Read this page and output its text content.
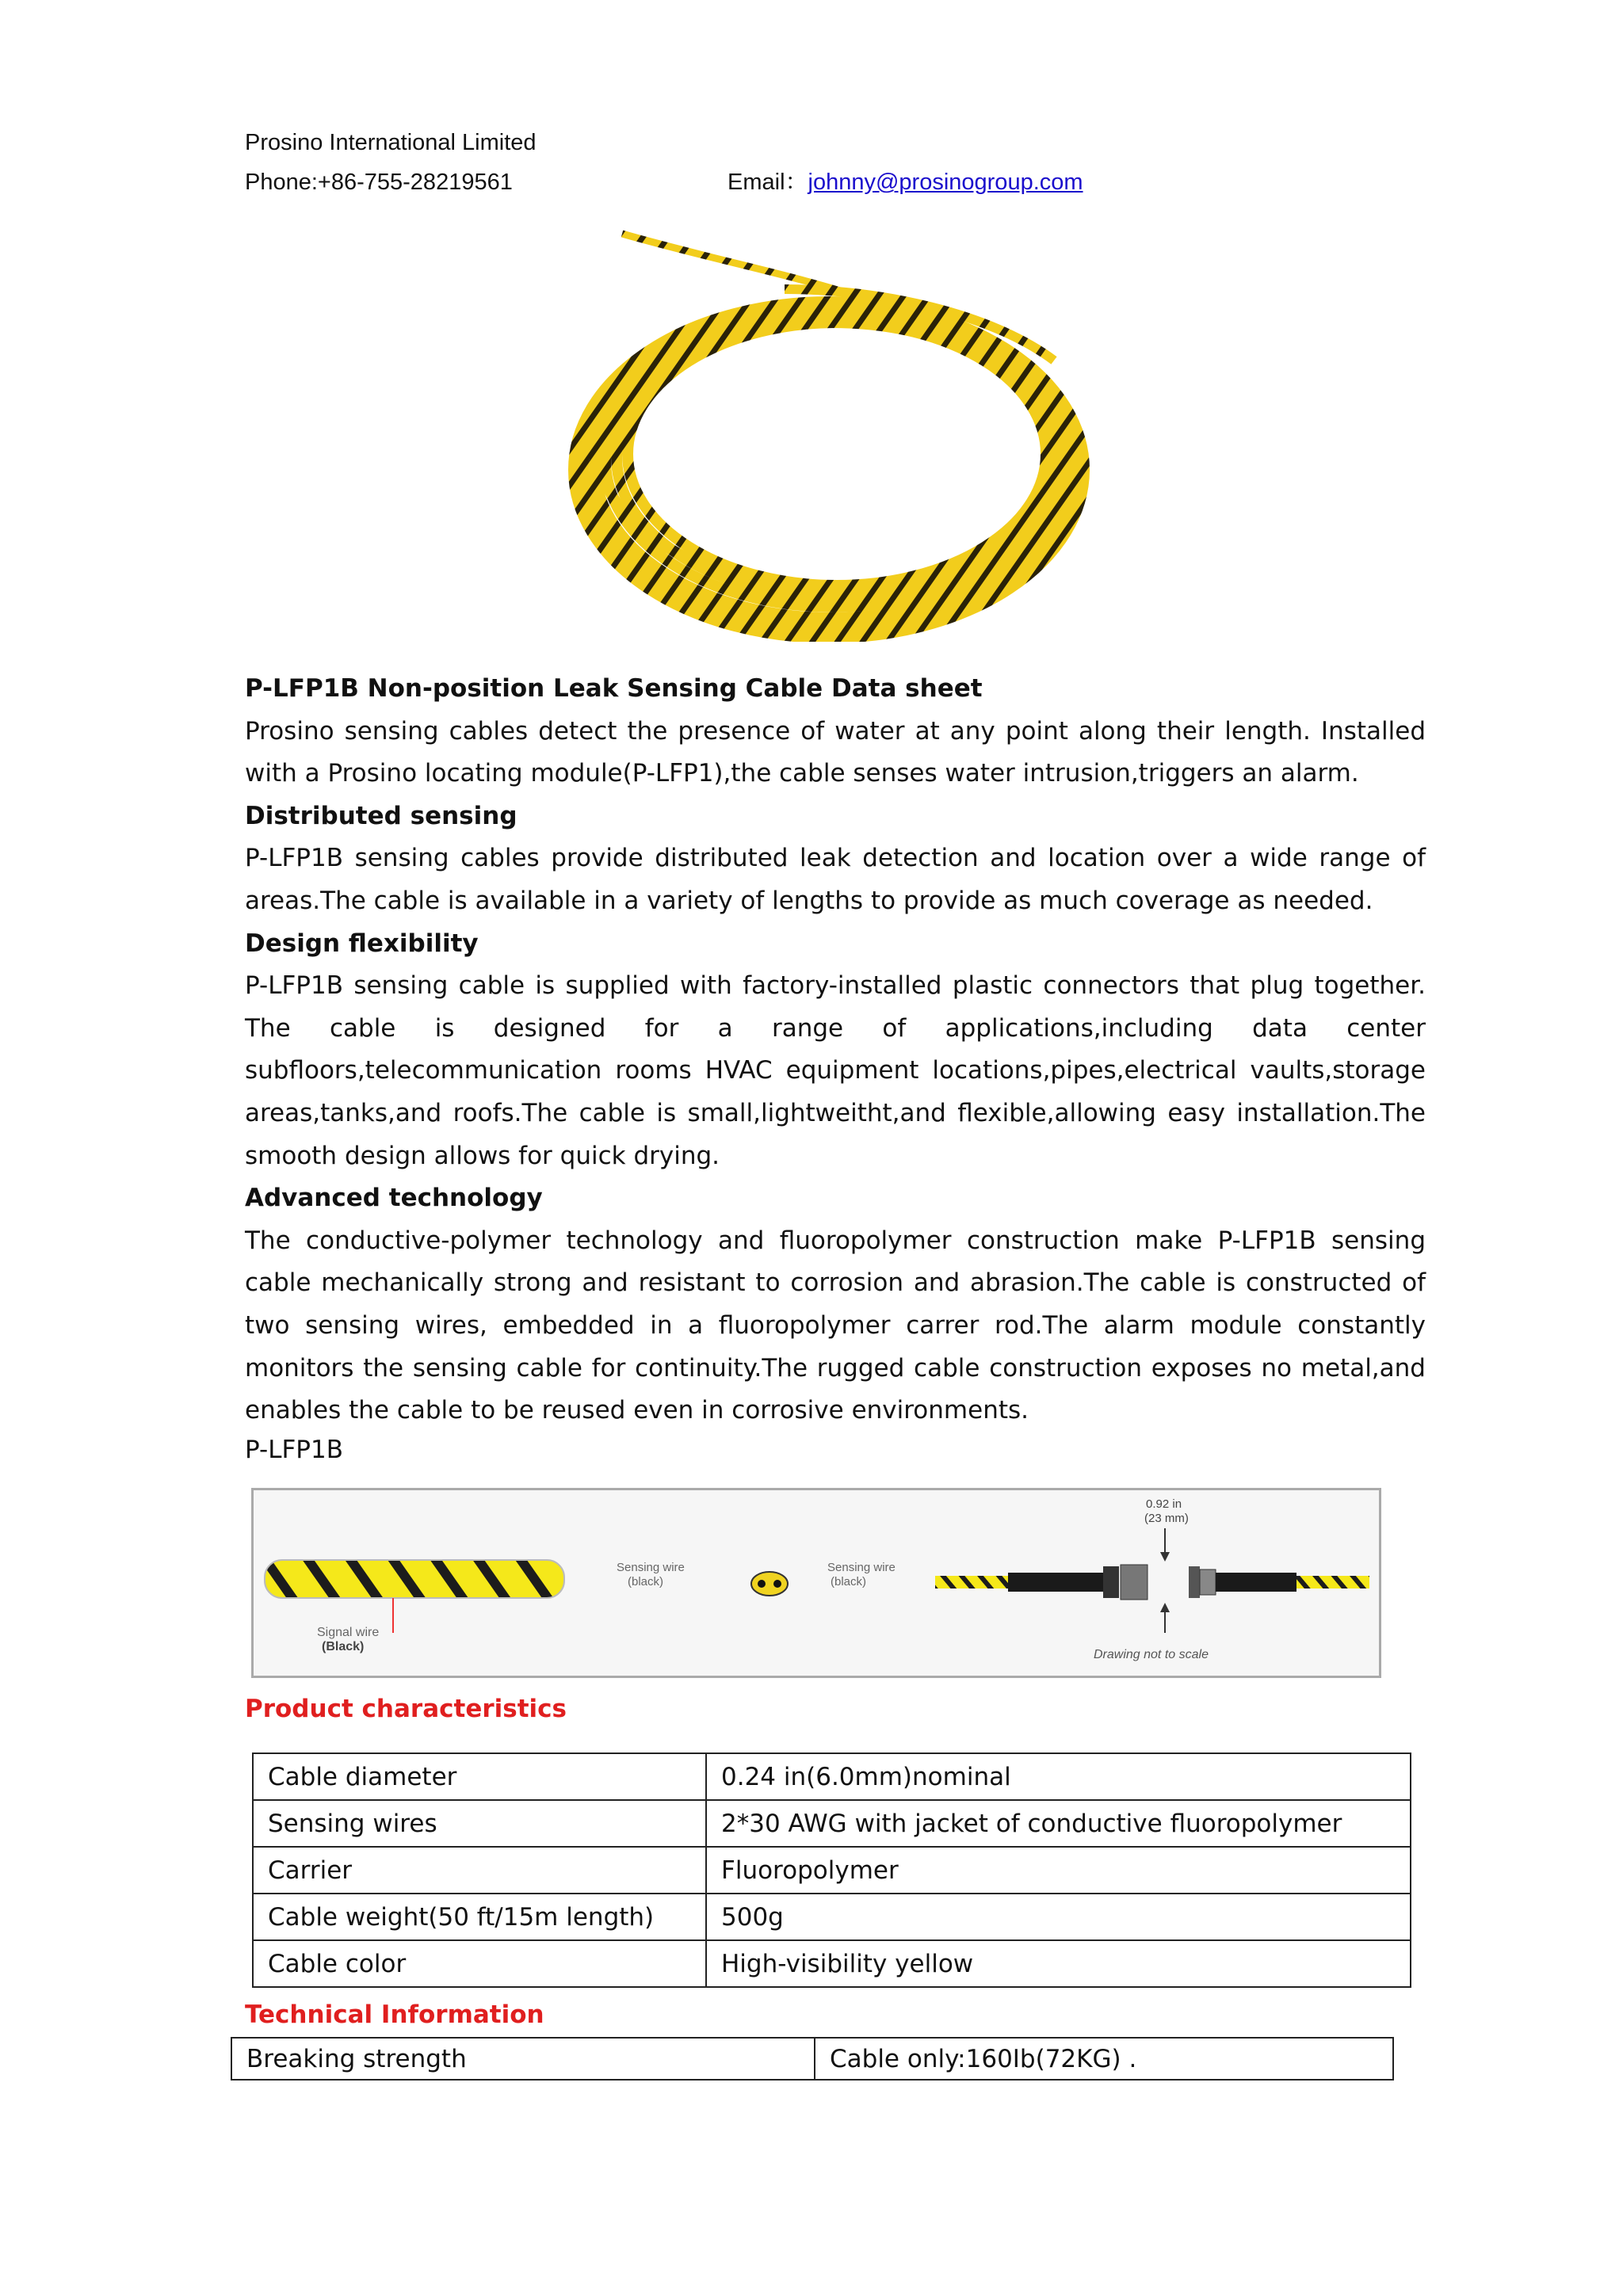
Prosino International Limited
Phone:+86-755-28219561	Email：johnny@prosinogroup.com
P-LFP1B Non-position Leak Sensing Cable Data sheet

Prosino sensing cables detect the presence of water at any point along their length. Installed with a Prosino locating module(P-LFP1),the cable senses water intrusion,triggers an alarm.

Distributed sensing

P-LFP1B sensing cables provide distributed leak detection and location over a wide range of areas.The cable is available in a variety of lengths to provide as much coverage as needed.

Design flexibility

P-LFP1B sensing cable is supplied with factory-installed plastic connectors that plug together. The cable is designed for a range of applications,including data center subfloors,telecommunication rooms HVAC equipment locations,pipes,electrical vaults,storage areas,tanks,and roofs.The cable is small,lightweitht,and flexible,allowing easy installation.The smooth design allows for quick drying.

Advanced technology

The conductive-polymer technology and fluoropolymer construction make P-LFP1B sensing cable mechanically strong and resistant to corrosion and abrasion.The cable is constructed of two sensing wires, embedded in a fluoropolymer carrer rod.The alarm module constantly monitors the sensing cable for continuity.The rugged cable construction exposes no metal,and enables the cable to be reused even in corrosive environments.

P-LFP1B
Signal wire
(Black)
Sensing wire
(black)
Sensing wire
(black)
0.92 in
(23 mm)
Drawing not to scale
Product characteristics
Cable diameter	0.24 in(6.0mm)nominal
Sensing wires	2*30 AWG with jacket of conductive fluoropolymer
Carrier	Fluoropolymer
Cable weight(50 ft/15m length)	500g
Cable color	High-visibility yellow
Technical Information
Breaking strength	Cable only:160Ib(72KG) .
